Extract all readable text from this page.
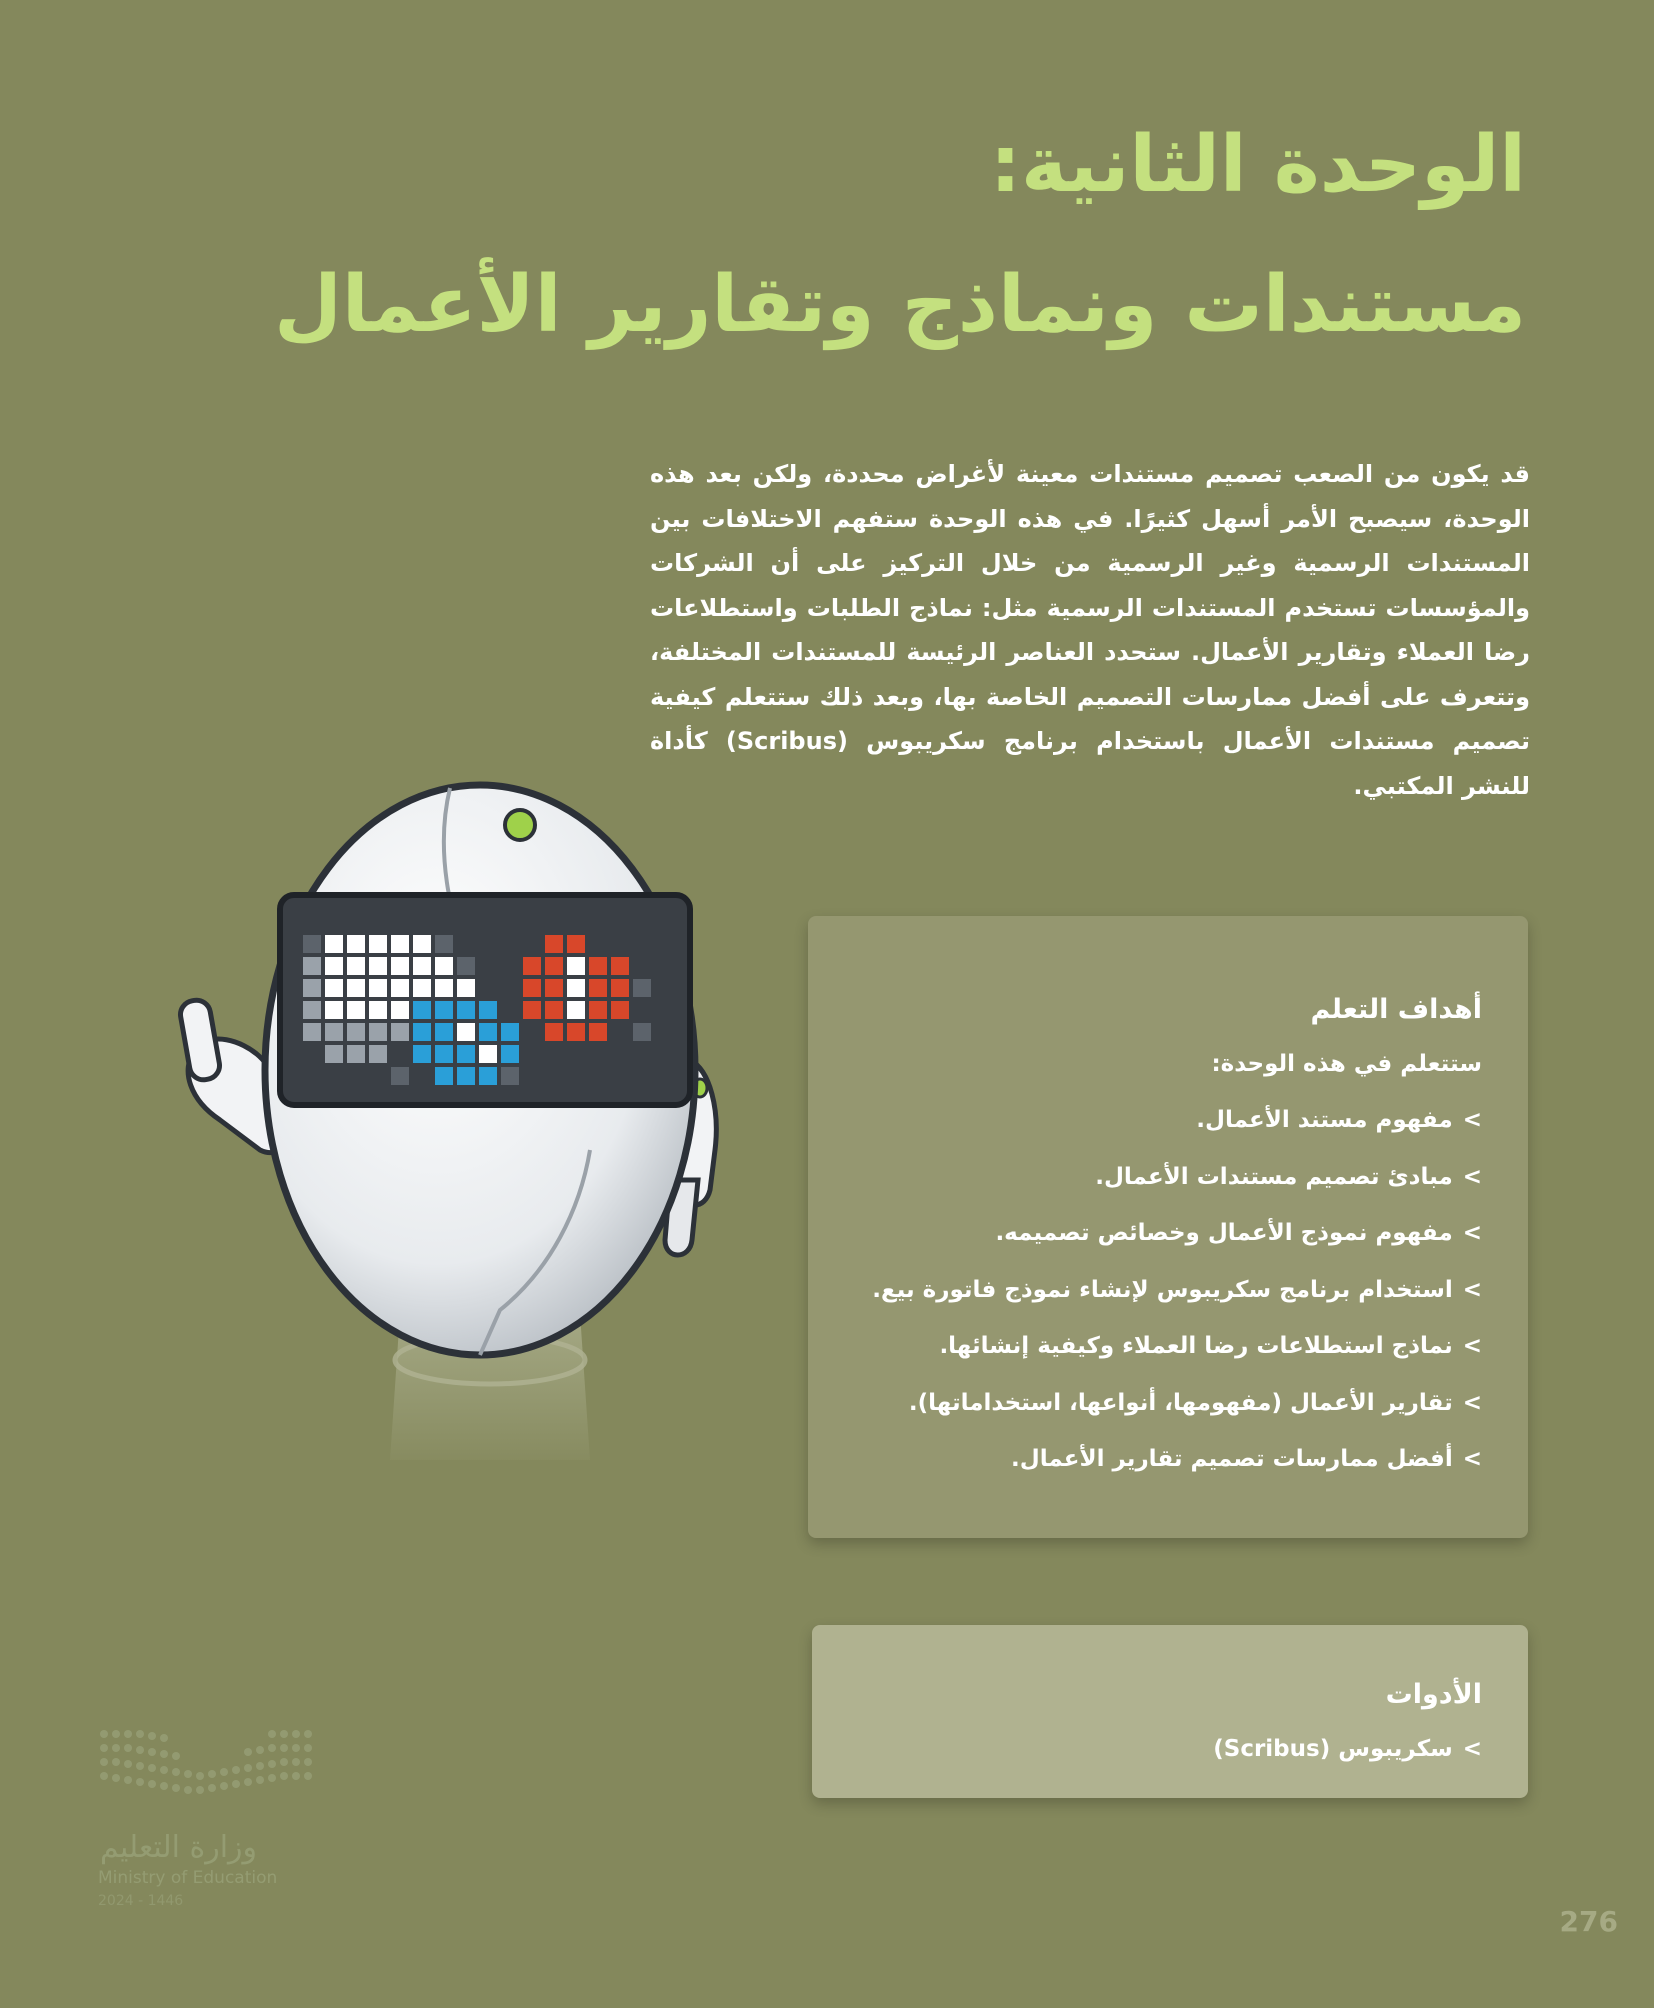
الوحدة الثانية:
مستندات ونماذج وتقارير الأعمال

قد يكون من الصعب تصميم مستندات معينة لأغراض محددة، ولكن بعد هذه الوحدة، سيصبح الأمر أسهل كثيرًا. في هذه الوحدة ستفهم الاختلافات بين المستندات الرسمية وغير الرسمية من خلال التركيز على أن الشركات والمؤسسات تستخدم المستندات الرسمية مثل: نماذج الطلبات واستطلاعات رضا العملاء وتقارير الأعمال. ستحدد العناصر الرئيسة للمستندات المختلفة، وتتعرف على أفضل ممارسات التصميم الخاصة بها، وبعد ذلك ستتعلم كيفية تصميم مستندات الأعمال باستخدام برنامج سكريبوس (Scribus) كأداة للنشر المكتبي.

أهداف التعلم
ستتعلم في هذه الوحدة:
>مفهوم مستند الأعمال.
>مبادئ تصميم مستندات الأعمال.
>مفهوم نموذج الأعمال وخصائص تصميمه.
>استخدام برنامج سكريبوس لإنشاء نموذج فاتورة بيع.
>نماذج استطلاعات رضا العملاء وكيفية إنشائها.
>تقارير الأعمال (مفهومها، أنواعها، استخداماتها).
>أفضل ممارسات تصميم تقارير الأعمال.
الأدوات
>سكريبوس (Scribus)
وزارة التعليم
Ministry of Education
2024 - 1446
276
